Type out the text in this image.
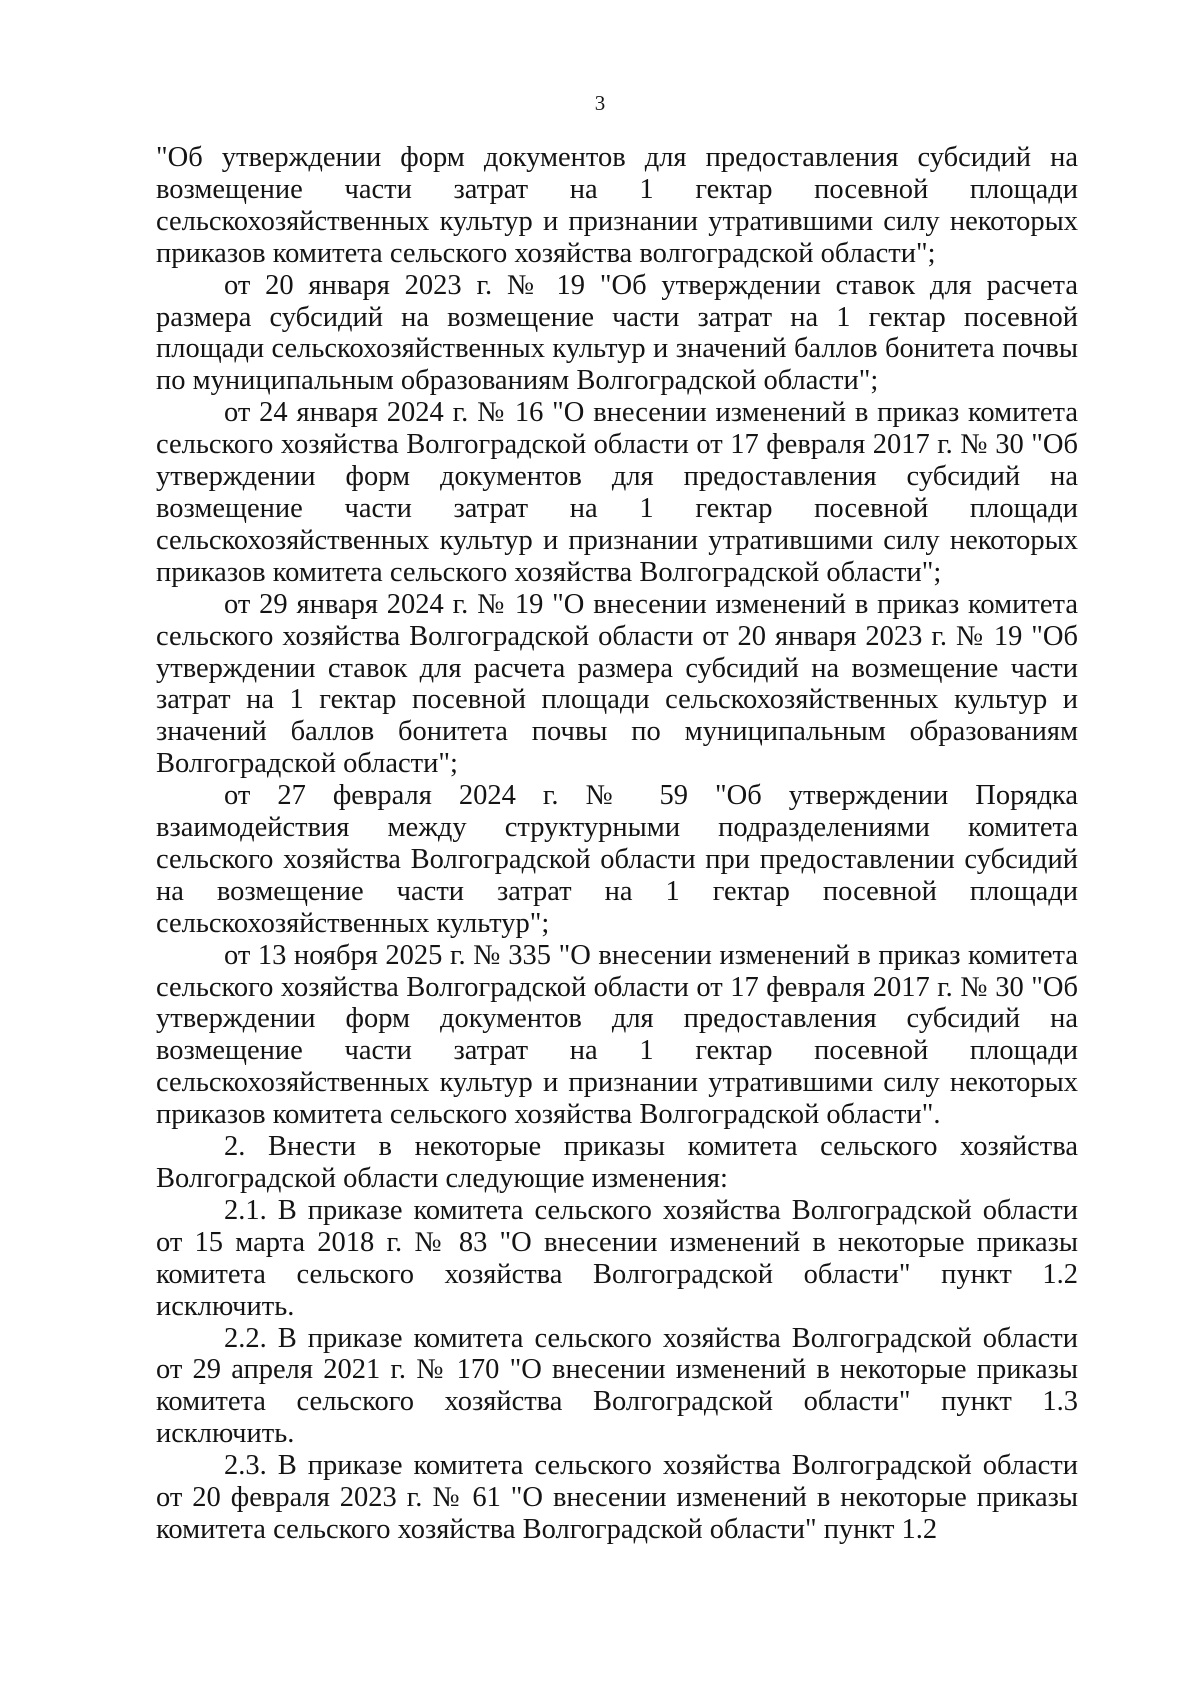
3

"Об утверждении форм документов для предоставления субсидий на возмещение части затрат на 1 гектар посевной площади сельскохозяйственных культур и признании утратившими силу некоторых приказов комитета сельского хозяйства волгоградской области";

от 20 января 2023 г. № 19 "Об утверждении ставок для расчета размера субсидий на возмещение части затрат на 1 гектар посевной площади сельскохозяйственных культур и значений баллов бонитета почвы по муниципальным образованиям Волгоградской области";

от 24 января 2024 г. № 16 "О внесении изменений в приказ комитета сельского хозяйства Волгоградской области от 17 февраля 2017 г. № 30 "Об утверждении форм документов для предоставления субсидий на возмещение части затрат на 1 гектар посевной площади сельскохозяйственных культур и признании утратившими силу некоторых приказов комитета сельского хозяйства Волгоградской области";

от 29 января 2024 г. № 19 "О внесении изменений в приказ комитета сельского хозяйства Волгоградской области от 20 января 2023 г. № 19 "Об утверждении ставок для расчета размера субсидий на возмещение части затрат на 1 гектар посевной площади сельскохозяйственных культур и значений баллов бонитета почвы по муниципальным образованиям Волгоградской области";

от 27 февраля 2024 г. № 59 "Об утверждении Порядка взаимодействия между структурными подразделениями комитета сельского хозяйства Волгоградской области при предоставлении субсидий на возмещение части затрат на 1 гектар посевной площади сельскохозяйственных культур";

от 13 ноября 2025 г. № 335 "О внесении изменений в приказ комитета сельского хозяйства Волгоградской области от 17 февраля 2017 г. № 30 "Об утверждении форм документов для предоставления субсидий на возмещение части затрат на 1 гектар посевной площади сельскохозяйственных культур и признании утратившими силу некоторых приказов комитета сельского хозяйства Волгоградской области".

2. Внести в некоторые приказы комитета сельского хозяйства Волгоградской области следующие изменения:

2.1. В приказе комитета сельского хозяйства Волгоградской области от 15 марта 2018 г. № 83 "О внесении изменений в некоторые приказы комитета сельского хозяйства Волгоградской области" пункт 1.2 исключить.

2.2. В приказе комитета сельского хозяйства Волгоградской области от 29 апреля 2021 г. № 170 "О внесении изменений в некоторые приказы комитета сельского хозяйства Волгоградской области" пункт 1.3 исключить.

2.3. В приказе комитета сельского хозяйства Волгоградской области от 20 февраля 2023 г. № 61 "О внесении изменений в некоторые приказы комитета сельского хозяйства Волгоградской области" пункт 1.2
